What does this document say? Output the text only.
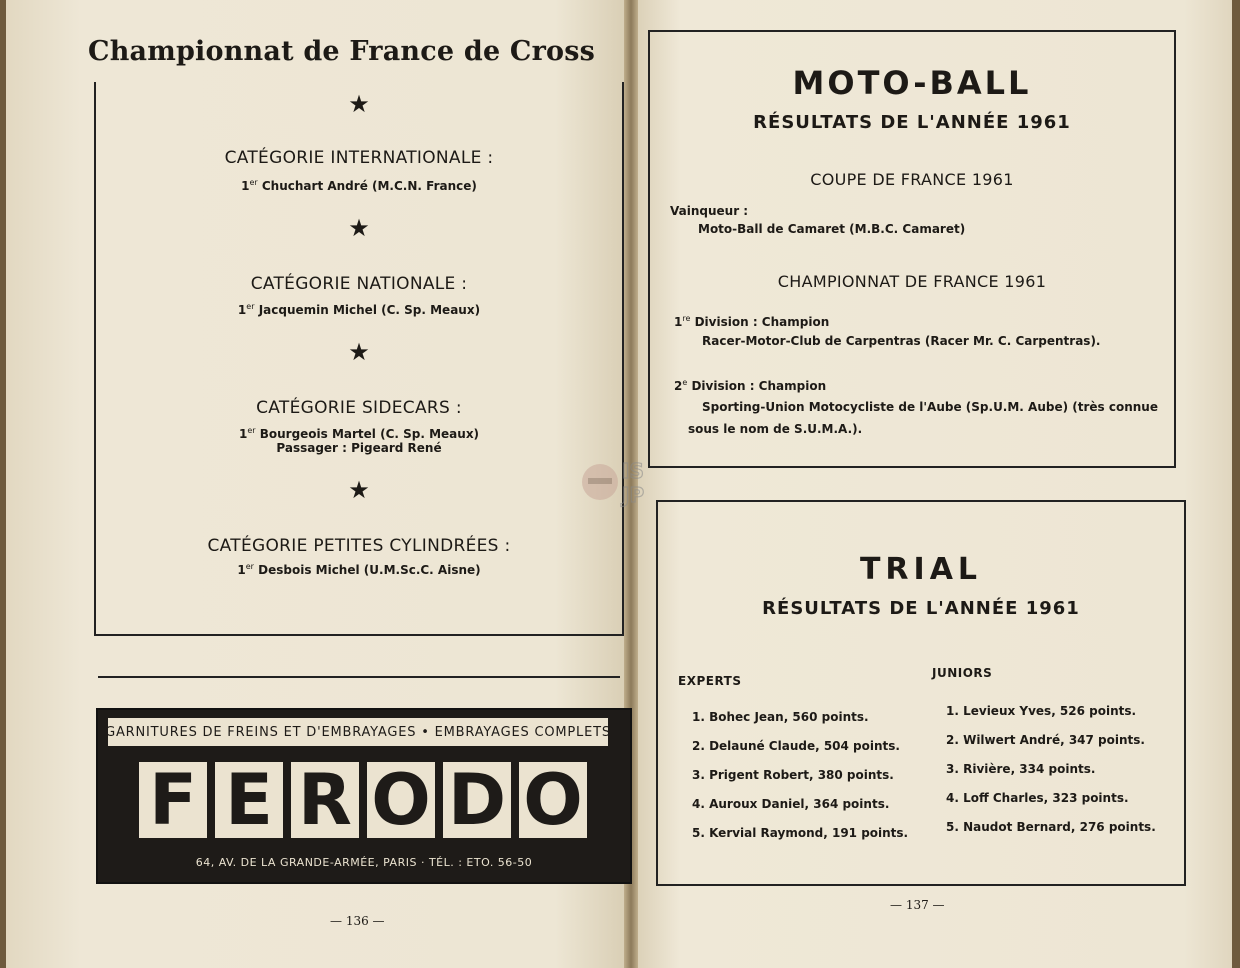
Championnat de France de Cross
★
CATÉGORIE INTERNATIONALE :
1er Chuchart André (M.C.N. France)
★
CATÉGORIE NATIONALE :
1er Jacquemin Michel (C. Sp. Meaux)
★
CATÉGORIE SIDECARS :
1er Bourgeois Martel (C. Sp. Meaux)
Passager : Pigeard René
★
CATÉGORIE PETITES CYLINDRÉES :
1er Desbois Michel (U.M.Sc.C. Aisne)
GARNITURES DE FREINS ET D'EMBRAYAGES • EMBRAYAGES COMPLETS
F E R O D O
64, AV. DE LA GRANDE-ARMÉE, PARIS · TÉL. : ETO. 56-50
— 136 —
IS
JP
MOTO-BALL
RÉSULTATS DE L'ANNÉE 1961
COUPE DE FRANCE 1961
Vainqueur :
Moto-Ball de Camaret (M.B.C. Camaret)
CHAMPIONNAT DE FRANCE 1961
1re Division : Champion
Racer-Motor-Club de Carpentras (Racer Mr. C. Carpentras).
2e Division : Champion
Sporting-Union Motocycliste de l'Aube (Sp.U.M. Aube) (très connue
sous le nom de S.U.M.A.).
TRIAL
RÉSULTATS DE L'ANNÉE 1961
EXPERTS
JUNIORS
1. Bohec Jean, 560 points.
2. Delauné Claude, 504 points.
3. Prigent Robert, 380 points.
4. Auroux Daniel, 364 points.
5. Kervial Raymond, 191 points.
1. Levieux Yves, 526 points.
2. Wilwert André, 347 points.
3. Rivière, 334 points.
4. Loff Charles, 323 points.
5. Naudot Bernard, 276 points.
— 137 —
